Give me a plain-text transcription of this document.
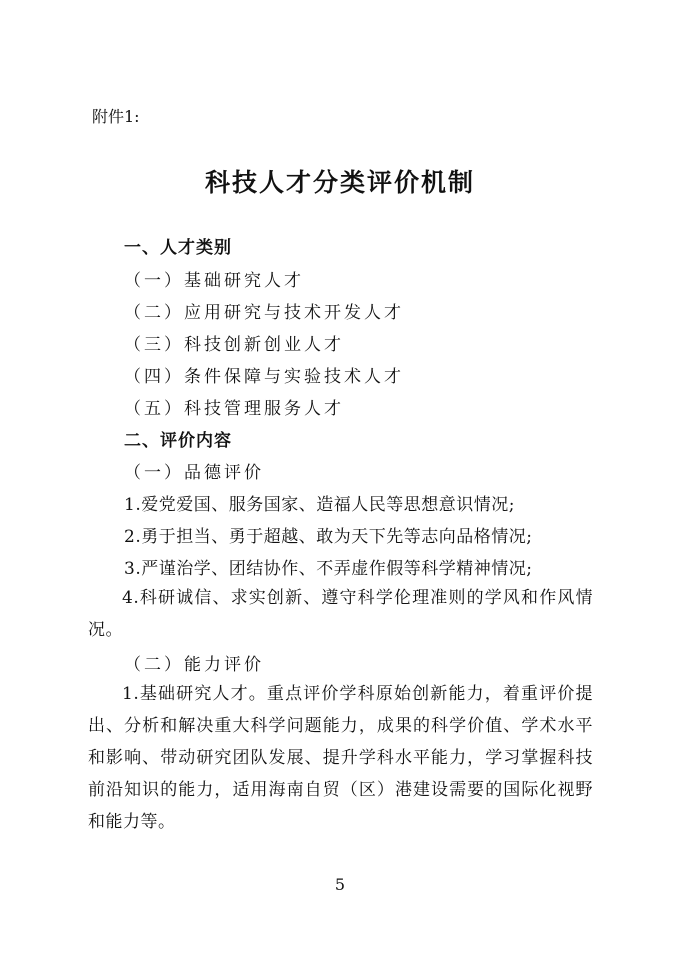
附件1:
科技人才分类评价机制
一、人才类别
（一）基础研究人才
（二）应用研究与技术开发人才
（三）科技创新创业人才
（四）条件保障与实验技术人才
（五）科技管理服务人才
二、评价内容
（一）品德评价
1.爱党爱国、服务国家、造福人民等思想意识情况;
2.勇于担当、勇于超越、敢为天下先等志向品格情况;
3.严谨治学、团结协作、不弄虚作假等科学精神情况;
4.科研诚信、求实创新、遵守科学伦理准则的学风和作风情况。
（二）能力评价
1.基础研究人才。重点评价学科原始创新能力，着重评价提出、分析和解决重大科学问题能力，成果的科学价值、学术水平和影响、带动研究团队发展、提升学科水平能力，学习掌握科技前沿知识的能力，适用海南自贸（区）港建设需要的国际化视野和能力等。
5
